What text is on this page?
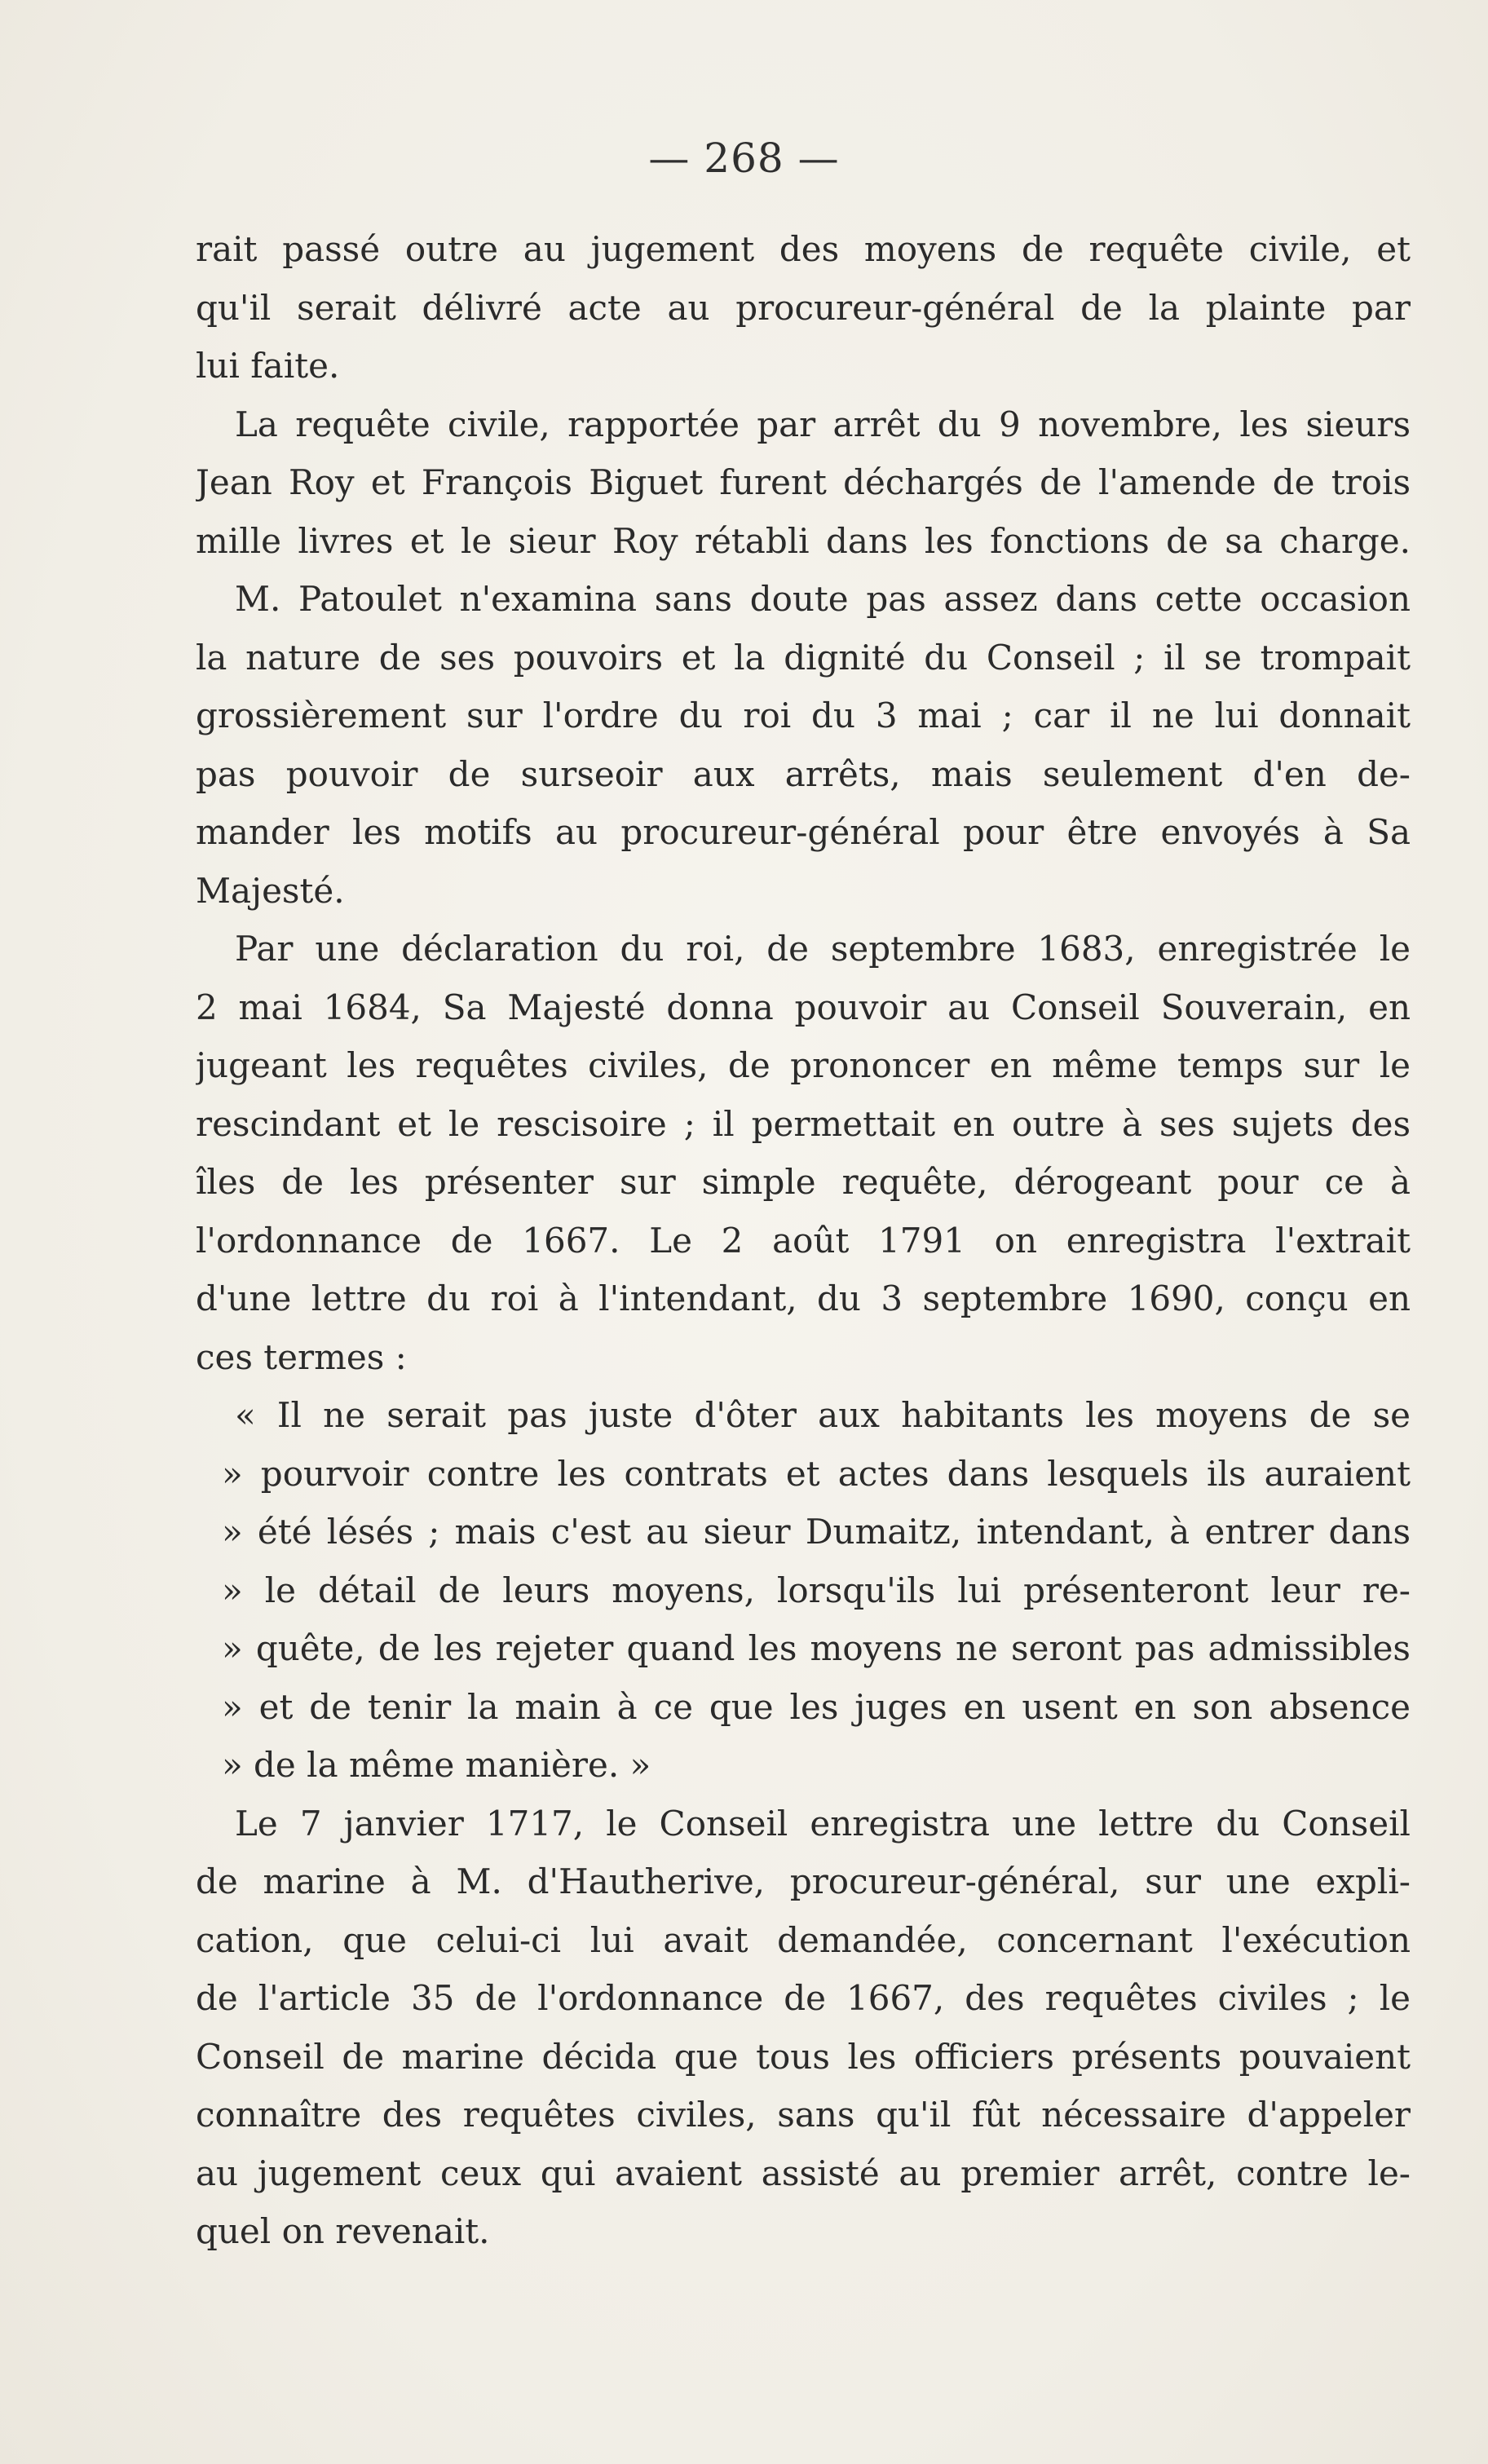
— 268 —
rait passé outre au jugement des moyens de requête civile, et
qu'il serait délivré acte au procureur-général de la plainte par
lui faite.
La requête civile, rapportée par arrêt du 9 novembre, les sieurs
Jean Roy et François Biguet furent déchargés de l'amende de trois
mille livres et le sieur Roy rétabli dans les fonctions de sa charge.
M. Patoulet n'examina sans doute pas assez dans cette occasion
la nature de ses pouvoirs et la dignité du Conseil ; il se trompait
grossièrement sur l'ordre du roi du 3 mai ; car il ne lui donnait
pas pouvoir de surseoir aux arrêts, mais seulement d'en de-
mander les motifs au procureur-général pour être envoyés à Sa
Majesté.
Par une déclaration du roi, de septembre 1683, enregistrée le
2 mai 1684, Sa Majesté donna pouvoir au Conseil Souverain, en
jugeant les requêtes civiles, de prononcer en même temps sur le
rescindant et le rescisoire ; il permettait en outre à ses sujets des
îles de les présenter sur simple requête, dérogeant pour ce à
l'ordonnance de 1667. Le 2 août 1791 on enregistra l'extrait
d'une lettre du roi à l'intendant, du 3 septembre 1690, conçu en
ces termes :
« Il ne serait pas juste d'ôter aux habitants les moyens de se
» pourvoir contre les contrats et actes dans lesquels ils auraient
» été lésés ; mais c'est au sieur Dumaitz, intendant, à entrer dans
» le détail de leurs moyens, lorsqu'ils lui présenteront leur re-
» quête, de les rejeter quand les moyens ne seront pas admissibles
» et de tenir la main à ce que les juges en usent en son absence
» de la même manière. »
Le 7 janvier 1717, le Conseil enregistra une lettre du Conseil
de marine à M. d'Hautherive, procureur-général, sur une expli-
cation, que celui-ci lui avait demandée, concernant l'exécution
de l'article 35 de l'ordonnance de 1667, des requêtes civiles ; le
Conseil de marine décida que tous les officiers présents pouvaient
connaître des requêtes civiles, sans qu'il fût nécessaire d'appeler
au jugement ceux qui avaient assisté au premier arrêt, contre le-
quel on revenait.
